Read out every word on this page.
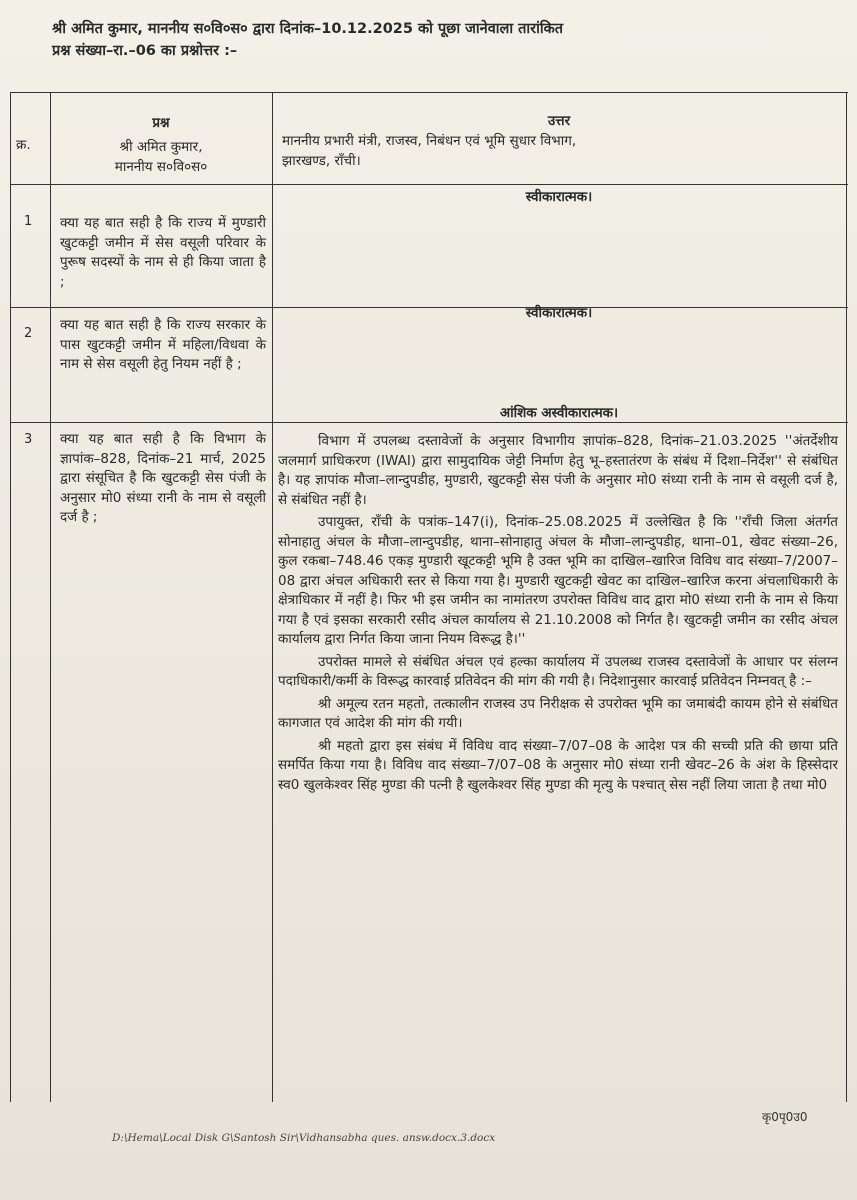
श्री अमित कुमार, माननीय स०वि०स० द्वारा दिनांक–10.12.2025 को पूछा जानेवाला तारांकित
प्रश्न संख्या–रा.–06 का प्रश्नोत्तर :–
क्र.
प्रश्न
श्री अमित कुमार,
माननीय स०वि०स०
उत्तर
माननीय प्रभारी मंत्री, राजस्व, निबंधन एवं भूमि सुधार विभाग,
झारखण्ड, राँची।
1 क्या यह बात सही है कि राज्य में मुण्डारी खुटकट्टी जमीन में सेस वसूली परिवार के पुरूष सदस्यों के नाम से ही किया जाता है ;
स्वीकारात्मक।
2
क्या यह बात सही है कि राज्य सरकार के पास खुटकट्टी जमीन में महिला/विधवा के नाम से सेस वसूली हेतु नियम नहीं है ;
स्वीकारात्मक।
3 क्या यह बात सही है कि विभाग के ज्ञापांक–828, दिनांक–21 मार्च, 2025 द्वारा संसूचित है कि खुटकट्टी सेस पंजी के अनुसार मो0 संध्या रानी के नाम से वसूली दर्ज है ;
आंशिक अस्वीकारात्मक।

विभाग में उपलब्ध दस्तावेजों के अनुसार विभागीय ज्ञापांक–828, दिनांक–21.03.2025 ''अंतर्देशीय जलमार्ग प्राधिकरण (IWAI) द्वारा सामुदायिक जेट्टी निर्माण हेतु भू–हस्तातंरण के संबंध में दिशा–निर्देश'' से संबंधित है। यह ज्ञापांक मौजा–लान्दुपडीह, मुण्डारी, खुटकट्टी सेस पंजी के अनुसार मो0 संध्या रानी के नाम से वसूली दर्ज है, से संबंधित नहीं है।

उपायुक्त, राँची के पत्रांक–147(i), दिनांक–25.08.2025 में उल्लेखित है कि ''राँची जिला अंतर्गत सोनाहातु अंचल के मौजा–लान्दुपडीह, थाना–सोनाहातु अंचल के मौजा–लान्दुपडीह, थाना–01, खेवट संख्या–26, कुल रकबा–748.46 एकड़ मुण्डारी खूटकट्टी भूमि है उक्त भूमि का दाखिल–खारिज विविध वाद संख्या–7/2007–08 द्वारा अंचल अधिकारी स्तर से किया गया है। मुण्डारी खुटकट्टी खेवट का दाखिल–खारिज करना अंचलाधिकारी के क्षेत्राधिकार में नहीं है। फिर भी इस जमीन का नामांतरण उपरोक्त विविध वाद द्वारा मो0 संध्या रानी के नाम से किया गया है एवं इसका सरकारी रसीद अंचल कार्यालय से 21.10.2008 को निर्गत है। खुटकट्टी जमीन का रसीद अंचल कार्यालय द्वारा निर्गत किया जाना नियम विरूद्ध है।''

उपरोक्त मामले से संबंधित अंचल एवं हल्का कार्यालय में उपलब्ध राजस्व दस्तावेजों के आधार पर संलग्न पदाधिकारी/कर्मी के विरूद्ध कारवाई प्रतिवेदन की मांग की गयी है। निदेशानुसार कारवाई प्रतिवेदन निम्नवत् है :–

श्री अमूल्य रतन महतो, तत्कालीन राजस्व उप निरीक्षक से उपरोक्त भूमि का जमाबंदी कायम होने से संबंधित कागजात एवं आदेश की मांग की गयी।

श्री महतो द्वारा इस संबंध में विविध वाद संख्या–7/07–08 के आदेश पत्र की सच्ची प्रति की छाया प्रति समर्पित किया गया है। विविध वाद संख्या–7/07–08 के अनुसार मो0 संध्या रानी खेवट–26 के अंश के हिस्सेदार स्व0 खुलकेश्वर सिंह मुण्डा की पत्नी है खुलकेश्वर सिंह मुण्डा की मृत्यु के पश्चात् सेस नहीं लिया जाता है तथा मो0

कृ0पृ0उ0
D:\Hema\Local Disk G\Santosh Sir\Vidhansabha ques. answ.docx.3.docx
